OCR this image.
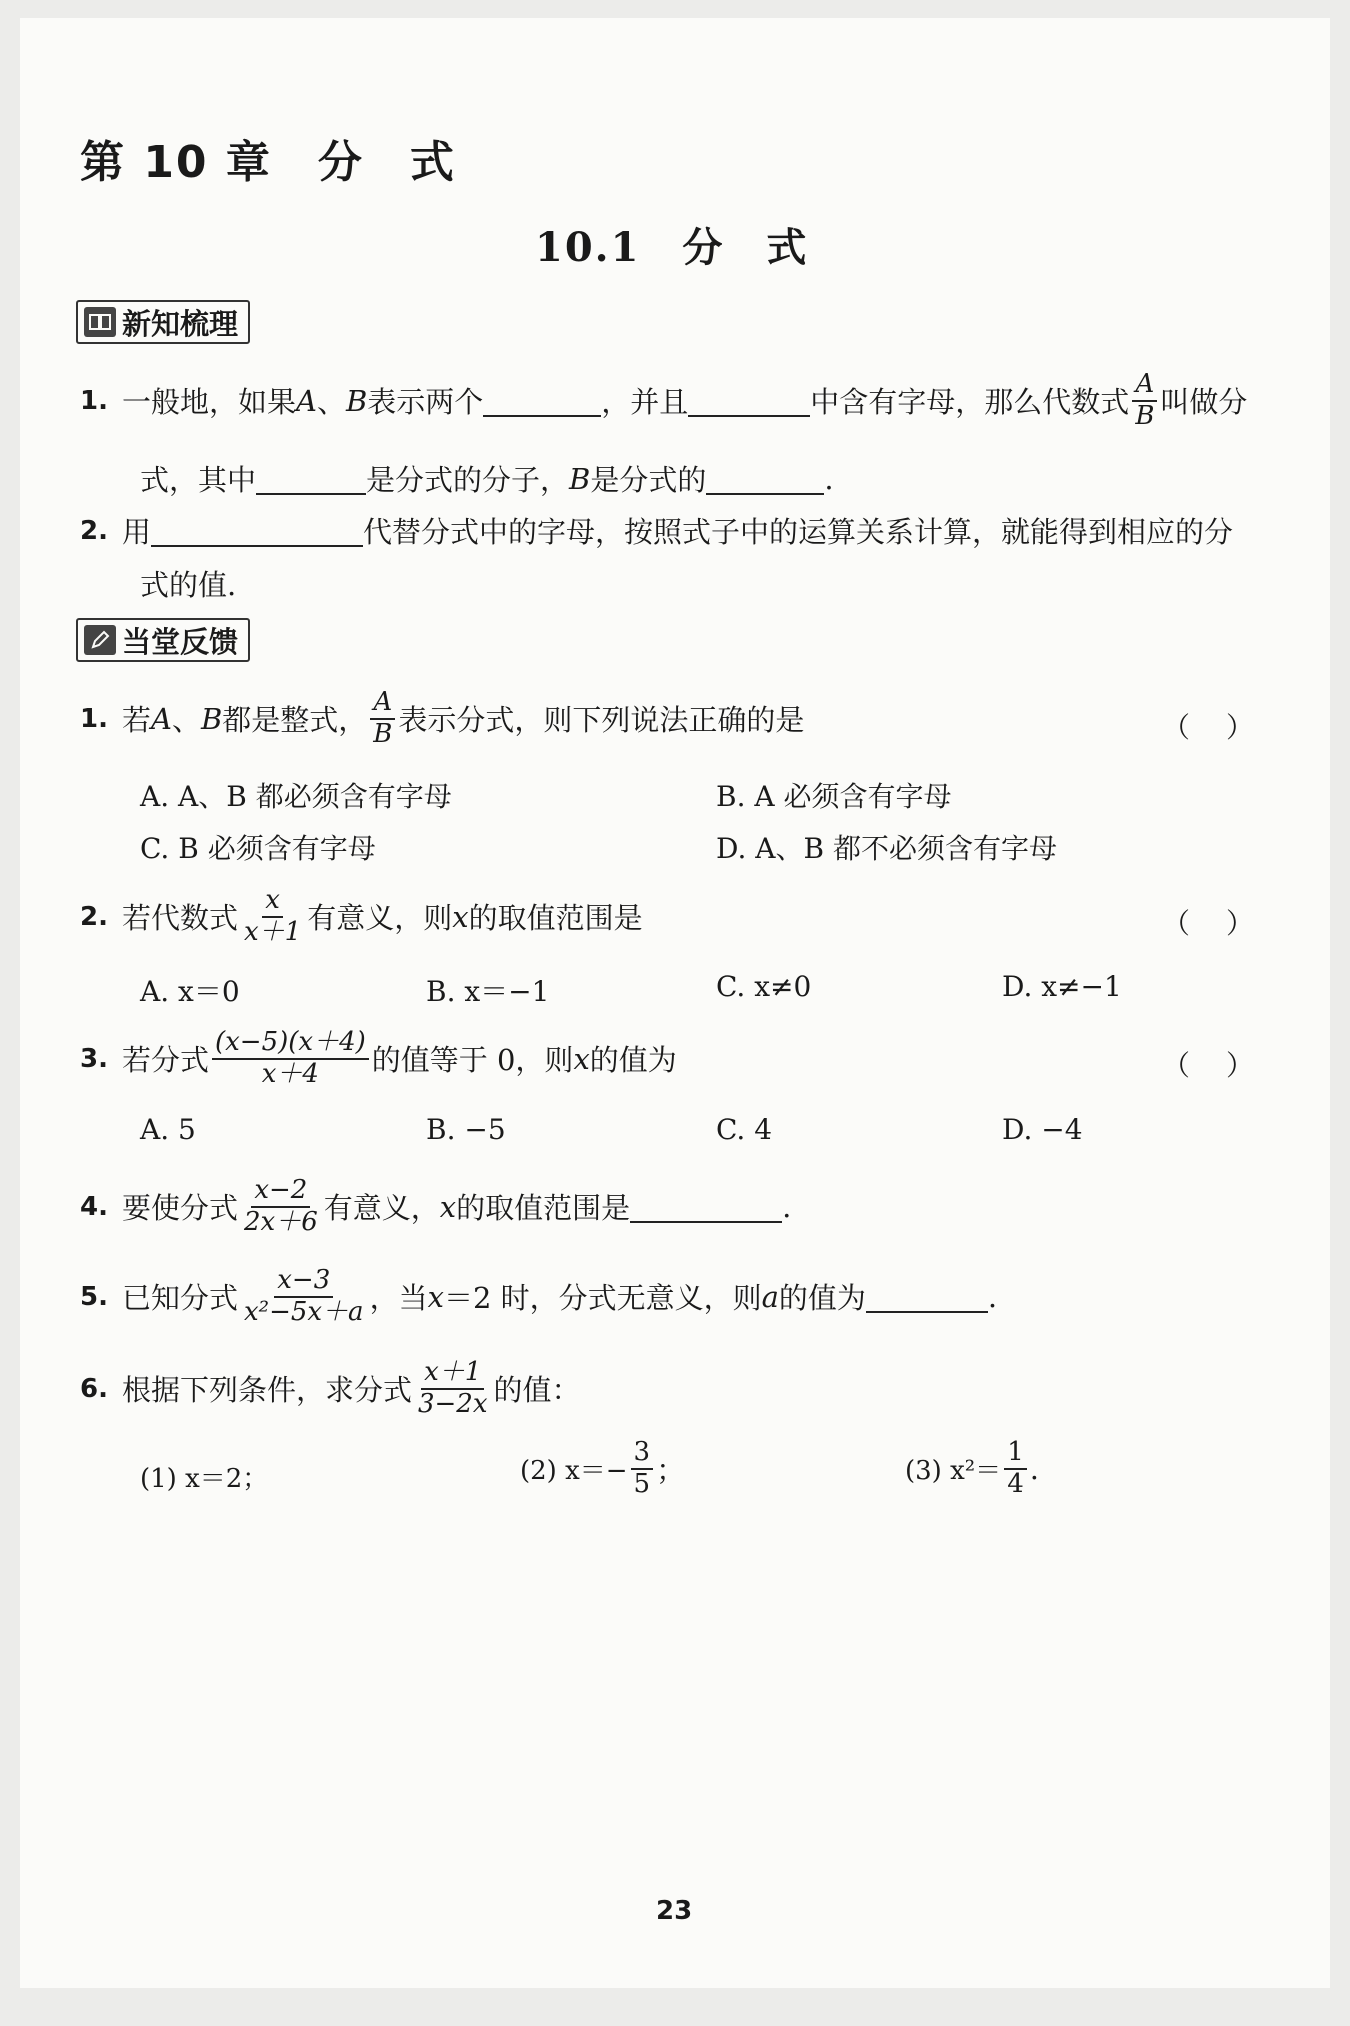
第 10 章　分　式
10.1　分　式
新知梳理
1. 一般地，如果 A 、 B 表示两个	，并且	中含有字母，那么代数式 $\frac{A}{B}$ 叫做分
式，其中	是分式的分子， B 是分式的	.
2. 用	代替分式中的字母，按照式子中的运算关系计算，就能得到相应的分
式的值.
当堂反馈
1. 若 A 、 B 都是整式， $\frac{A}{B}$ 表示分式，则下列说法正确的是	（　）
A. A、B 都必须含有字母	B. A 必须含有字母
C. B 必须含有字母	D. A、B 都不必须含有字母
2. 若代数式 $\frac{x}{x+1}$ 有意义，则 x 的取值范围是	（　）
A. x＝0	B. x＝−1	C. x≠0	D. x≠−1
3. 若分式 $\frac{(x-5)(x+4)}{x+4}$ 的值等于 0，则 x 的值为	（　）
A. 5	B. −5	C. 4	D. −4
4. 要使分式 $\frac{x-2}{2x+6}$ 有意义， x 的取值范围是	.
5. 已知分式 $\frac{x-3}{\text{x²−5x＋a}}$ ，当 x ＝2 时，分式无意义，则 a 的值为	.
6. 根据下列条件，求分式 $\frac{x+1}{3-2x}$ 的值：
(1) x＝2；	(2) $x=- \frac{3}{5}$ ；	(3) $x^2= \frac{1}{4}$ .
23
